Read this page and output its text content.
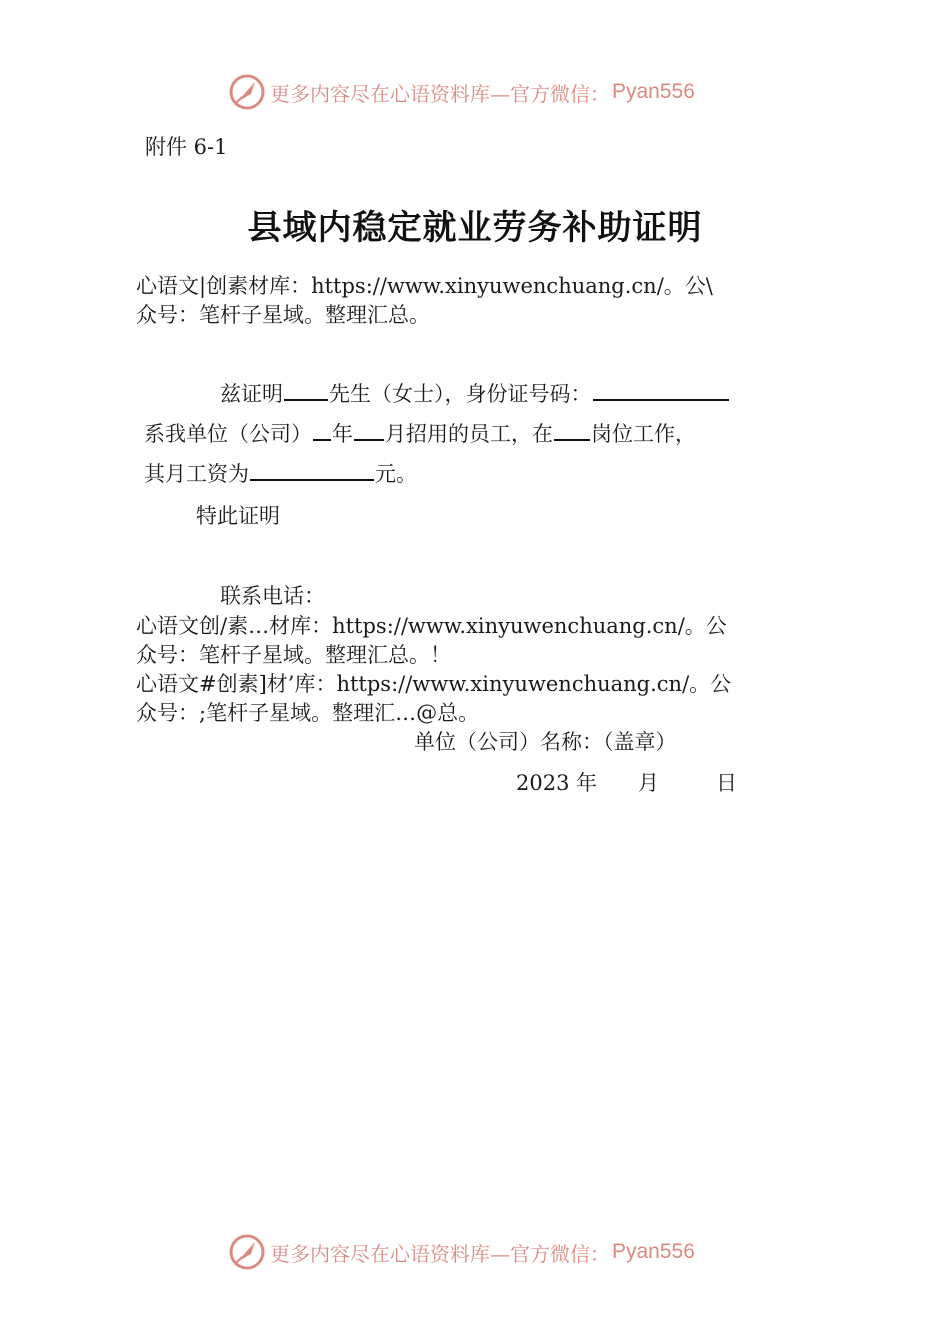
更多内容尽在心语资料库—官方微信： Pyan556
附件 6-1
县域内稳定就业劳务补助证明
心语文|创素材库：https://www.xinyuwenchuang.cn/。公\
众号：笔杆子星域。整理汇总。
兹证明 先生（女士），身份证号码：
系我单位（公司） 年 月招用的员工，在 岗位工作，
其月工资为	元。
特此证明
联系电话：
心语文创/素…材库：https://www.xinyuwenchuang.cn/。公
众号：笔杆子星域。整理汇总。！
心语文#创素]材’库：https://www.xinyuwenchuang.cn/。公
众号：;笔杆子星域。整理汇…@总。
单位（公司）名称：（盖章）
2023 年 月	日
更多内容尽在心语资料库—官方微信： Pyan556
